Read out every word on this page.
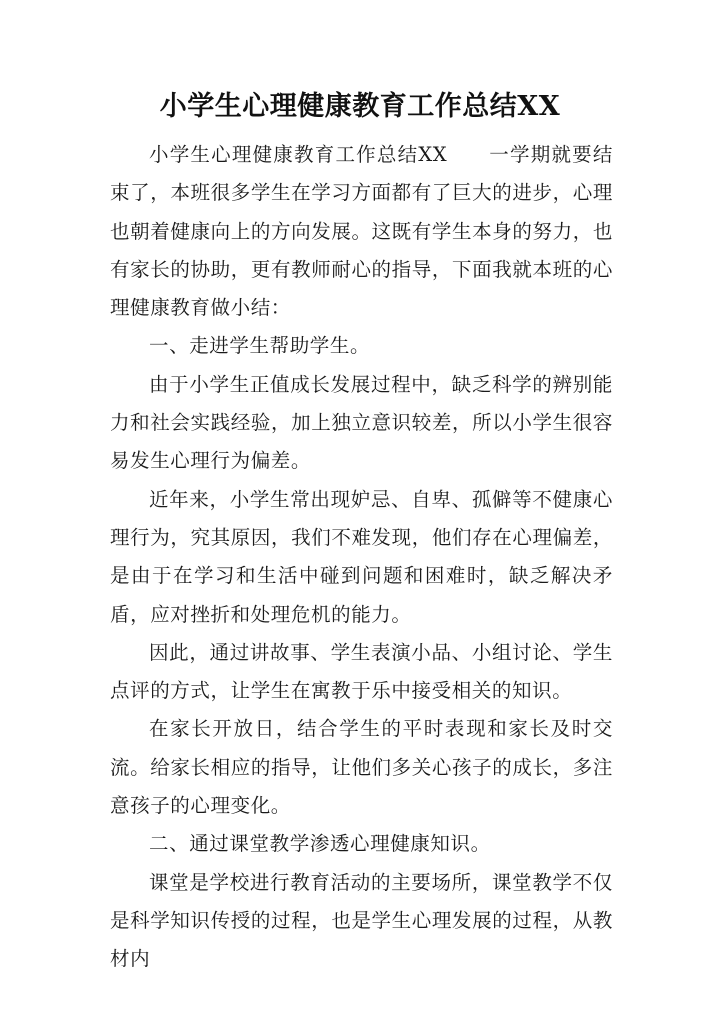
小学生心理健康教育工作总结XX

小学生心理健康教育工作总结XX　　一学期就要结束了，本班很多学生在学习方面都有了巨大的进步，心理也朝着健康向上的方向发展。这既有学生本身的努力，也有家长的协助，更有教师耐心的指导，下面我就本班的心理健康教育做小结：

一、走进学生帮助学生。

由于小学生正值成长发展过程中，缺乏科学的辨别能力和社会实践经验，加上独立意识较差，所以小学生很容易发生心理行为偏差。

近年来，小学生常出现妒忌、自卑、孤僻等不健康心理行为，究其原因，我们不难发现，他们存在心理偏差，是由于在学习和生活中碰到问题和困难时，缺乏解决矛盾，应对挫折和处理危机的能力。

因此，通过讲故事、学生表演小品、小组讨论、学生点评的方式，让学生在寓教于乐中接受相关的知识。

在家长开放日，结合学生的平时表现和家长及时交流。给家长相应的指导，让他们多关心孩子的成长，多注意孩子的心理变化。

二、通过课堂教学渗透心理健康知识。

课堂是学校进行教育活动的主要场所，课堂教学不仅是科学知识传授的过程，也是学生心理发展的过程，从教材内
